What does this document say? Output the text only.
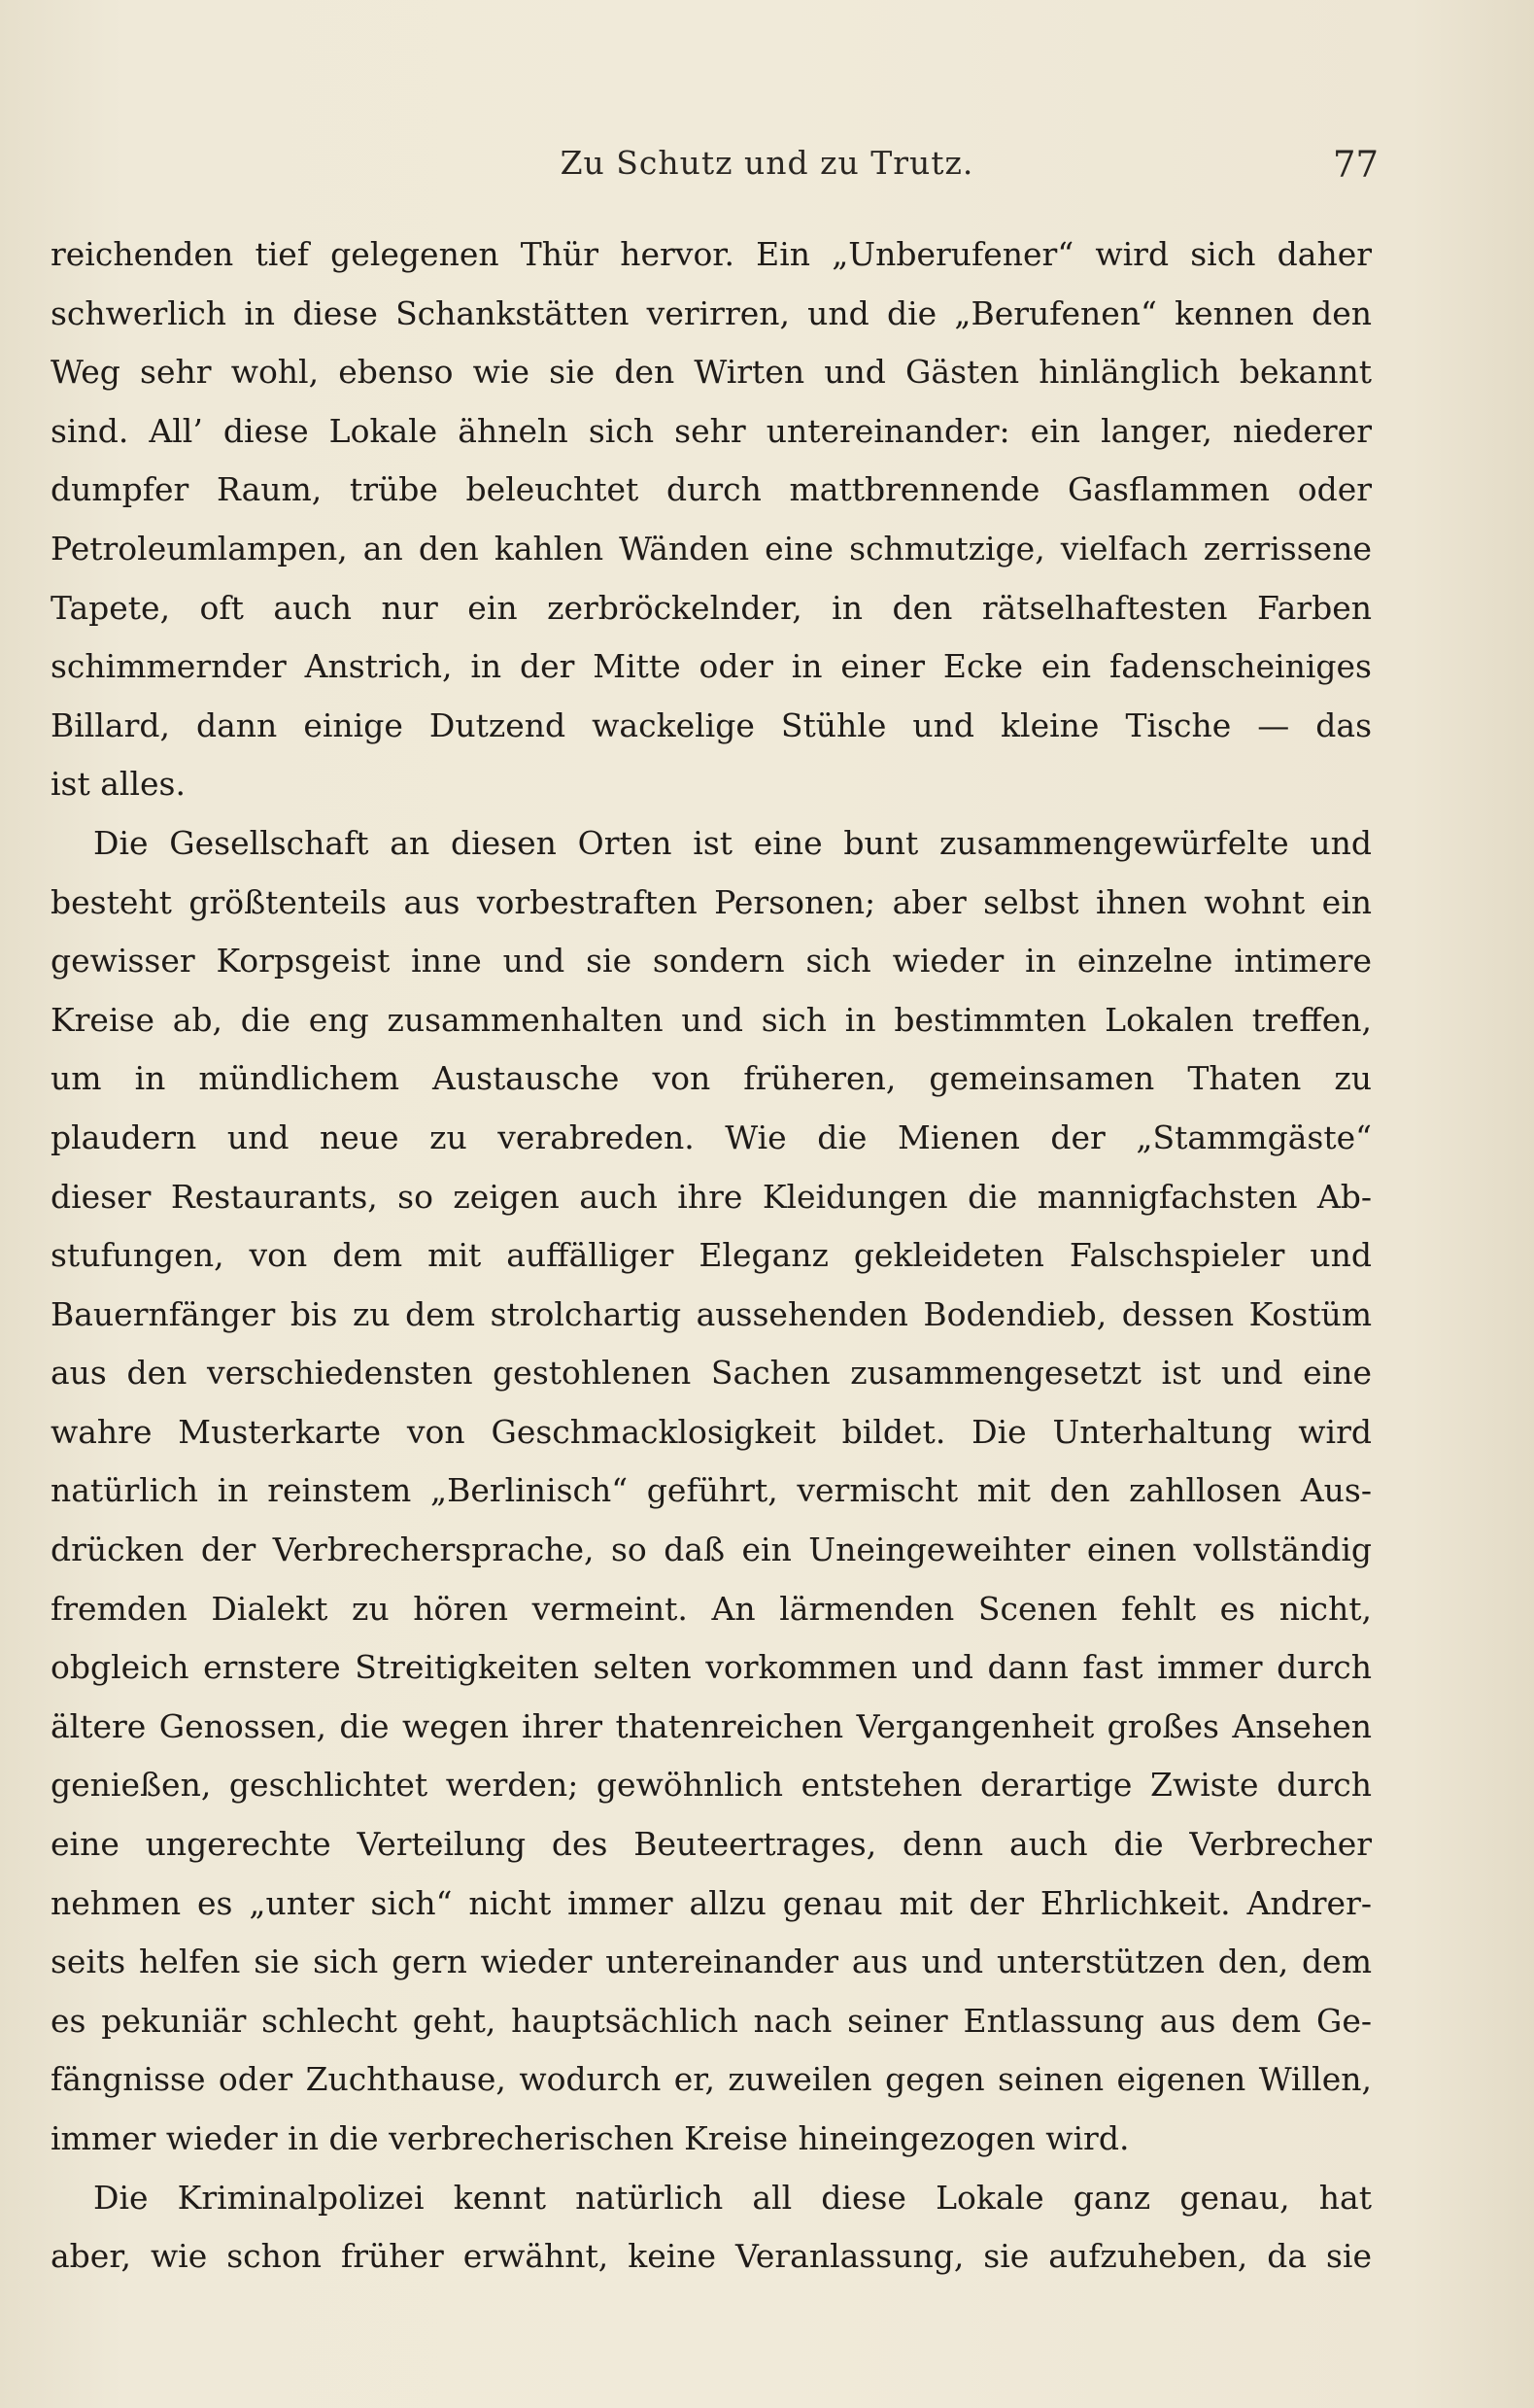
Zu Schutz und zu Trutz.	77
reichenden tief gelegenen Thür hervor. Ein „Unberufener“ wird sich daher
schwerlich in diese Schankstätten verirren, und die „Berufenen“ kennen den
Weg sehr wohl, ebenso wie sie den Wirten und Gästen hinlänglich bekannt
sind. All’ diese Lokale ähneln sich sehr untereinander: ein langer, niederer
dumpfer Raum, trübe beleuchtet durch mattbrennende Gasflammen oder
Petroleumlampen, an den kahlen Wänden eine schmutzige, vielfach zerrissene
Tapete, oft auch nur ein zerbröckelnder, in den rätselhaftesten Farben
schimmernder Anstrich, in der Mitte oder in einer Ecke ein fadenscheiniges
Billard, dann einige Dutzend wackelige Stühle und kleine Tische — das
ist alles.
Die Gesellschaft an diesen Orten ist eine bunt zusammengewürfelte und
besteht größtenteils aus vorbestraften Personen; aber selbst ihnen wohnt ein
gewisser Korpsgeist inne und sie sondern sich wieder in einzelne intimere
Kreise ab, die eng zusammenhalten und sich in bestimmten Lokalen treffen,
um in mündlichem Austausche von früheren, gemeinsamen Thaten zu
plaudern und neue zu verabreden. Wie die Mienen der „Stammgäste“
dieser Restaurants, so zeigen auch ihre Kleidungen die mannigfachsten Ab-
stufungen, von dem mit auffälliger Eleganz gekleideten Falschspieler und
Bauernfänger bis zu dem strolchartig aussehenden Bodendieb, dessen Kostüm
aus den verschiedensten gestohlenen Sachen zusammengesetzt ist und eine
wahre Musterkarte von Geschmacklosigkeit bildet. Die Unterhaltung wird
natürlich in reinstem „Berlinisch“ geführt, vermischt mit den zahllosen Aus-
drücken der Verbrechersprache, so daß ein Uneingeweihter einen vollständig
fremden Dialekt zu hören vermeint. An lärmenden Scenen fehlt es nicht,
obgleich ernstere Streitigkeiten selten vorkommen und dann fast immer durch
ältere Genossen, die wegen ihrer thatenreichen Vergangenheit großes Ansehen
genießen, geschlichtet werden; gewöhnlich entstehen derartige Zwiste durch
eine ungerechte Verteilung des Beuteertrages, denn auch die Verbrecher
nehmen es „unter sich“ nicht immer allzu genau mit der Ehrlichkeit. Andrer-
seits helfen sie sich gern wieder untereinander aus und unterstützen den, dem
es pekuniär schlecht geht, hauptsächlich nach seiner Entlassung aus dem Ge-
fängnisse oder Zuchthause, wodurch er, zuweilen gegen seinen eigenen Willen,
immer wieder in die verbrecherischen Kreise hineingezogen wird.
Die Kriminalpolizei kennt natürlich all diese Lokale ganz genau, hat
aber, wie schon früher erwähnt, keine Veranlassung, sie aufzuheben, da sie
